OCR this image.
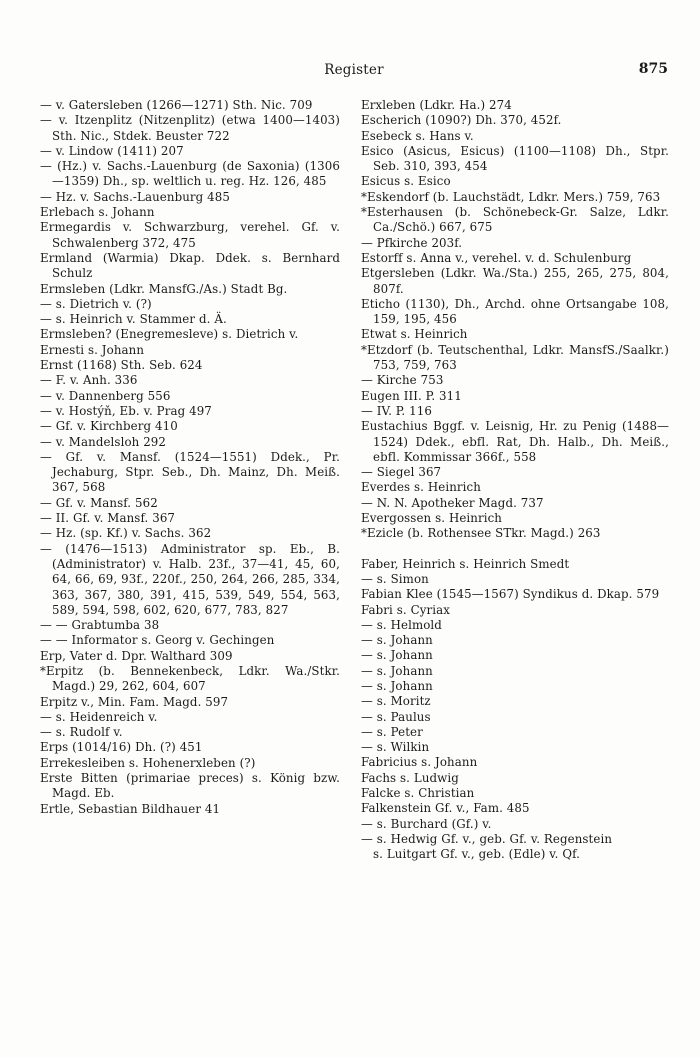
Register	875

— v. Gatersleben (1266—1271) Sth. Nic. 709

— v. Itzenplitz (Nitzenplitz) (etwa 1400—1403) Sth. Nic., Stdek. Beuster 722

— v. Lindow (1411) 207

— (Hz.) v. Sachs.-Lauenburg (de Saxonia) (1306—1359) Dh., sp. weltlich u. reg. Hz. 126, 485

— Hz. v. Sachs.-Lauenburg 485

Erlebach s. Johann

Ermegardis v. Schwarzburg, verehel. Gf. v. Schwalenberg 372, 475

Ermland (Warmia) Dkap. Ddek. s. Bernhard Schulz

Ermsleben (Ldkr. MansfG./As.) Stadt Bg.

— s. Dietrich v. (?)

— s. Heinrich v. Stammer d. Ä.

Ermsleben? (Enegremesleve) s. Dietrich v.

Ernesti s. Johann

Ernst (1168) Sth. Seb. 624

— F. v. Anh. 336

— v. Dannenberg 556

— v. Hostýň, Eb. v. Prag 497

— Gf. v. Kirchberg 410

— v. Mandelsloh 292

— Gf. v. Mansf. (1524—1551) Ddek., Pr. Jechaburg, Stpr. Seb., Dh. Mainz, Dh. Meiß. 367, 568

— Gf. v. Mansf. 562

— II. Gf. v. Mansf. 367

— Hz. (sp. Kf.) v. Sachs. 362

— (1476—1513) Administrator sp. Eb., B. (Administrator) v. Halb. 23f., 37—41, 45, 60, 64, 66, 69, 93f., 220f., 250, 264, 266, 285, 334, 363, 367, 380, 391, 415, 539, 549, 554, 563, 589, 594, 598, 602, 620, 677, 783, 827

— — Grabtumba 38

— — Informator s. Georg v. Gechingen

Erp, Vater d. Dpr. Walthard 309

*Erpitz (b. Bennekenbeck, Ldkr. Wa./Stkr. Magd.) 29, 262, 604, 607

Erpitz v., Min. Fam. Magd. 597

— s. Heidenreich v.

— s. Rudolf v.

Erps (1014/16) Dh. (?) 451

Errekesleiben s. Hohenerxleben (?)

Erste Bitten (primariae preces) s. König bzw. Magd. Eb.

Ertle, Sebastian Bildhauer 41

Erxleben (Ldkr. Ha.) 274

Escherich (1090?) Dh. 370, 452f.

Esebeck s. Hans v.

Esico (Asicus, Esicus) (1100—1108) Dh., Stpr. Seb. 310, 393, 454

Esicus s. Esico

*Eskendorf (b. Lauchstädt, Ldkr. Mers.) 759, 763

*Esterhausen (b. Schönebeck-Gr. Salze, Ldkr. Ca./Schö.) 667, 675

— Pfkirche 203f.

Estorff s. Anna v., verehel. v. d. Schulenburg

Etgersleben (Ldkr. Wa./Sta.) 255, 265, 275, 804, 807f.

Eticho (1130), Dh., Archd. ohne Ortsangabe 108, 159, 195, 456

Etwat s. Heinrich

*Etzdorf (b. Teutschenthal, Ldkr. MansfS./Saalkr.) 753, 759, 763

— Kirche 753

Eugen III. P. 311

— IV. P. 116

Eustachius Bggf. v. Leisnig, Hr. zu Penig (1488—1524) Ddek., ebfl. Rat, Dh. Halb., Dh. Meiß., ebfl. Kommissar 366f., 558

— Siegel 367

Everdes s. Heinrich

— N. N. Apotheker Magd. 737

Evergossen s. Heinrich

*Ezicle (b. Rothensee STkr. Magd.) 263

Faber, Heinrich s. Heinrich Smedt

— s. Simon

Fabian Klee (1545—1567) Syndikus d. Dkap. 579

Fabri s. Cyriax

— s. Helmold

— s. Johann

— s. Johann

— s. Johann

— s. Johann

— s. Moritz

— s. Paulus

— s. Peter

— s. Wilkin

Fabricius s. Johann

Fachs s. Ludwig

Falcke s. Christian

Falkenstein Gf. v., Fam. 485

— s. Burchard (Gf.) v.

— s. Hedwig Gf. v., geb. Gf. v. Regenstein

s. Luitgart Gf. v., geb. (Edle) v. Qf.
